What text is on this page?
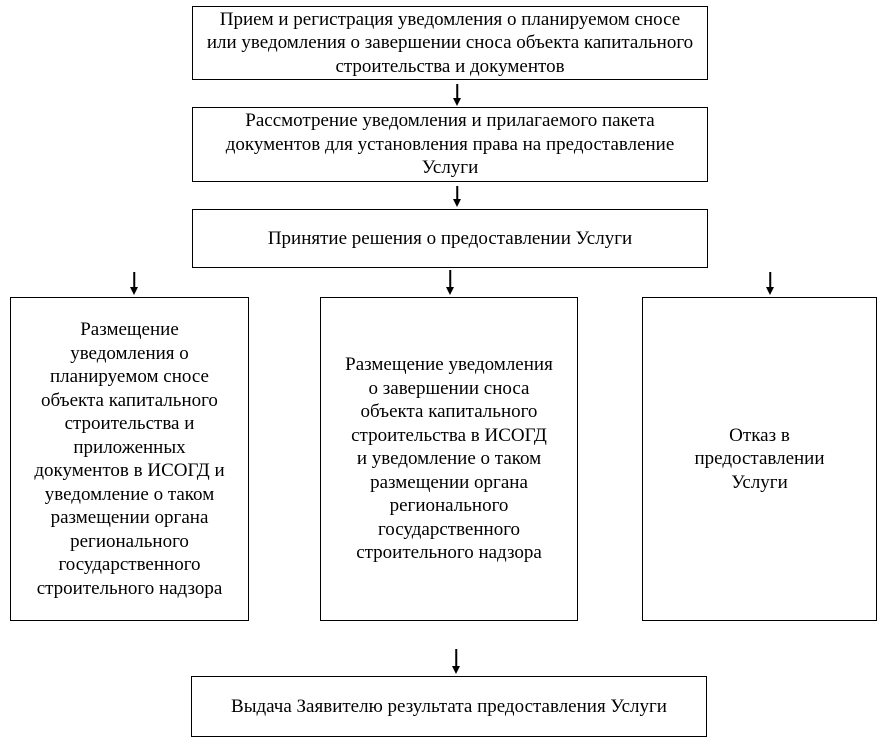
Прием и регистрация уведомления о планируемом сносе или уведомления о завершении сноса объекта капитального строительства и документов
Рассмотрение уведомления и прилагаемого пакета документов для установления права на предоставление Услуги
Принятие решения о предоставлении Услуги
Размещение уведомления о планируемом сносе объекта капитального строительства и приложенных документов в ИСОГД и уведомление о таком размещении органа регионального государственного строительного надзора
Размещение уведомления о завершении сноса объекта капитального строительства в ИСОГД и уведомление о таком размещении органа регионального государственного строительного надзора
Отказ в предоставлении Услуги
Выдача Заявителю результата предоставления Услуги
